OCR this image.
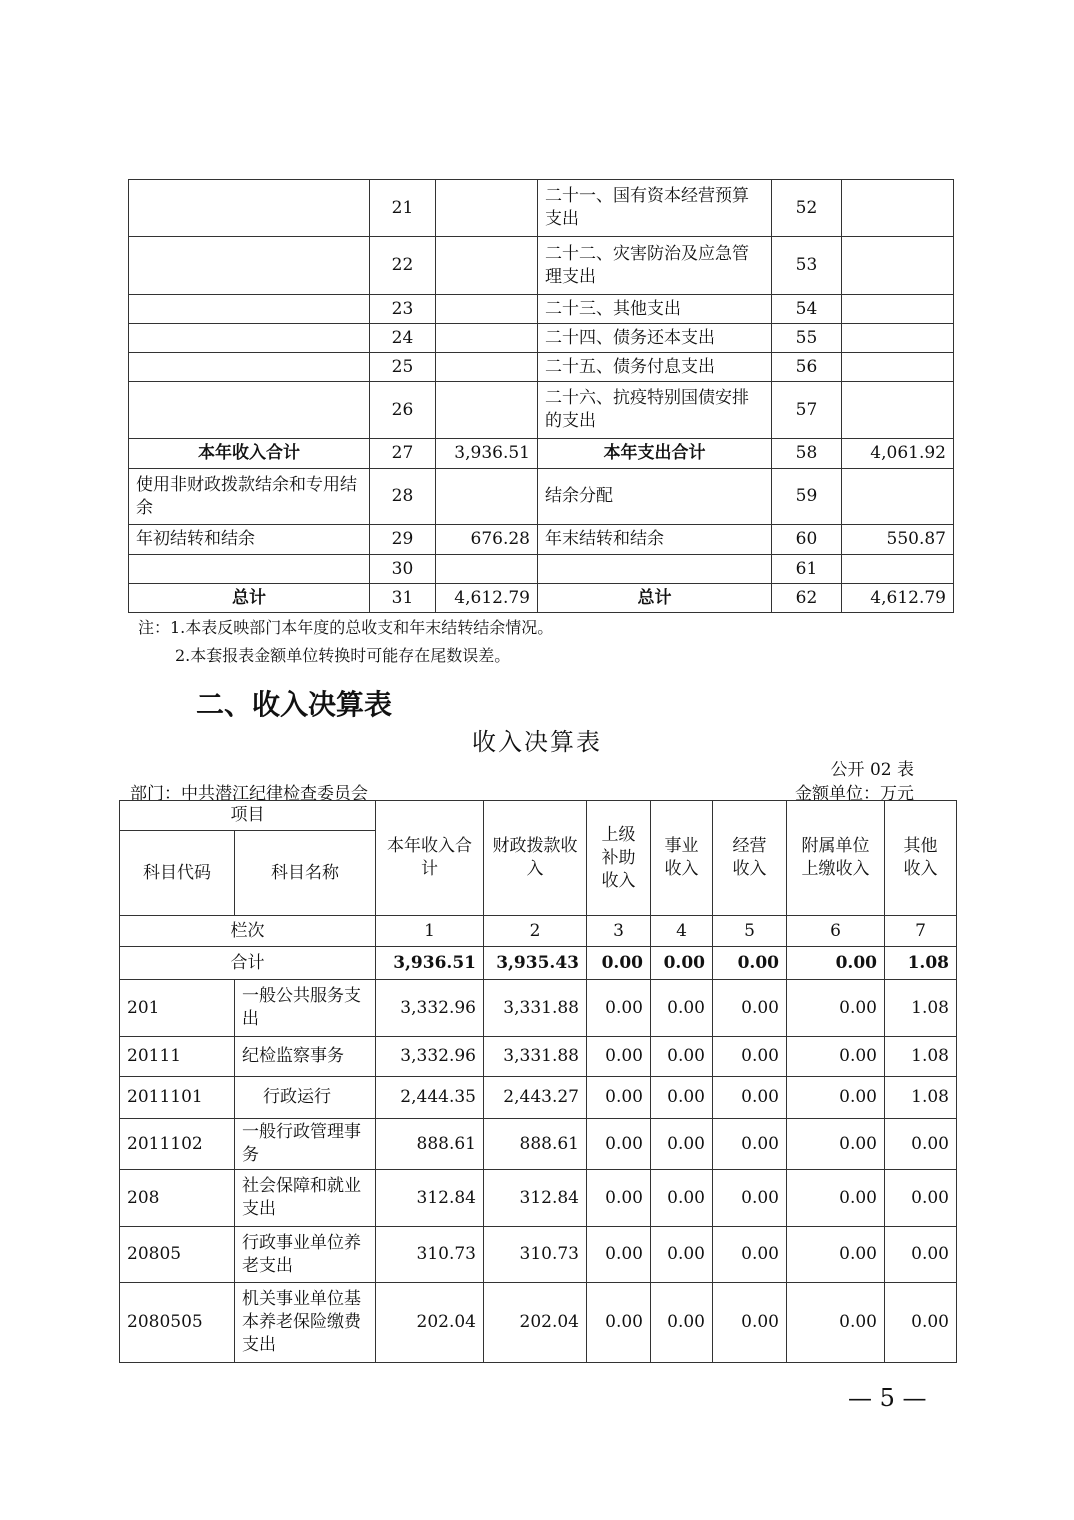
	21		二十一、国有资本经营预算支出	52	
	22		二十二、灾害防治及应急管理支出	53	
	23		二十三、其他支出	54	
	24		二十四、债务还本支出	55	
	25		二十五、债务付息支出	56	
	26		二十六、抗疫特别国债安排的支出	57	
本年收入合计	27	3,936.51	本年支出合计	58	4,061.92
使用非财政拨款结余和专用结余	28		结余分配	59	
年初结转和结余	29	676.28	年末结转和结余	60	550.87
	30			61	
总计	31	4,612.79	总计	62	4,612.79
注：1.本表反映部门本年度的总收支和年末结转结余情况。
2.本套报表金额单位转换时可能存在尾数误差。
二、收入决算表
收入决算表
公开 02 表
部门：中共潜江纪律检查委员会	金额单位：万元
项目		本年收入合计	财政拨款收入	上级补助收入	事业收入	经营收入	附属单位上缴收入	其他收入
科目代码	科目名称							
栏次		1	2	3	4	5	6	7
合计		3,936.51	3,935.43	0.00	0.00	0.00	0.00	1.08
201	一般公共服务支出	3,332.96	3,331.88	0.00	0.00	0.00	0.00	1.08
20111	纪检监察事务	3,332.96	3,331.88	0.00	0.00	0.00	0.00	1.08
2011101	行政运行	2,444.35	2,443.27	0.00	0.00	0.00	0.00	1.08
2011102	一般行政管理事务	888.61	888.61	0.00	0.00	0.00	0.00	0.00
208	社会保障和就业支出	312.84	312.84	0.00	0.00	0.00	0.00	0.00
20805	行政事业单位养老支出	310.73	310.73	0.00	0.00	0.00	0.00	0.00
2080505	机关事业单位基本养老保险缴费支出	202.04	202.04	0.00	0.00	0.00	0.00	0.00
— 5 —
